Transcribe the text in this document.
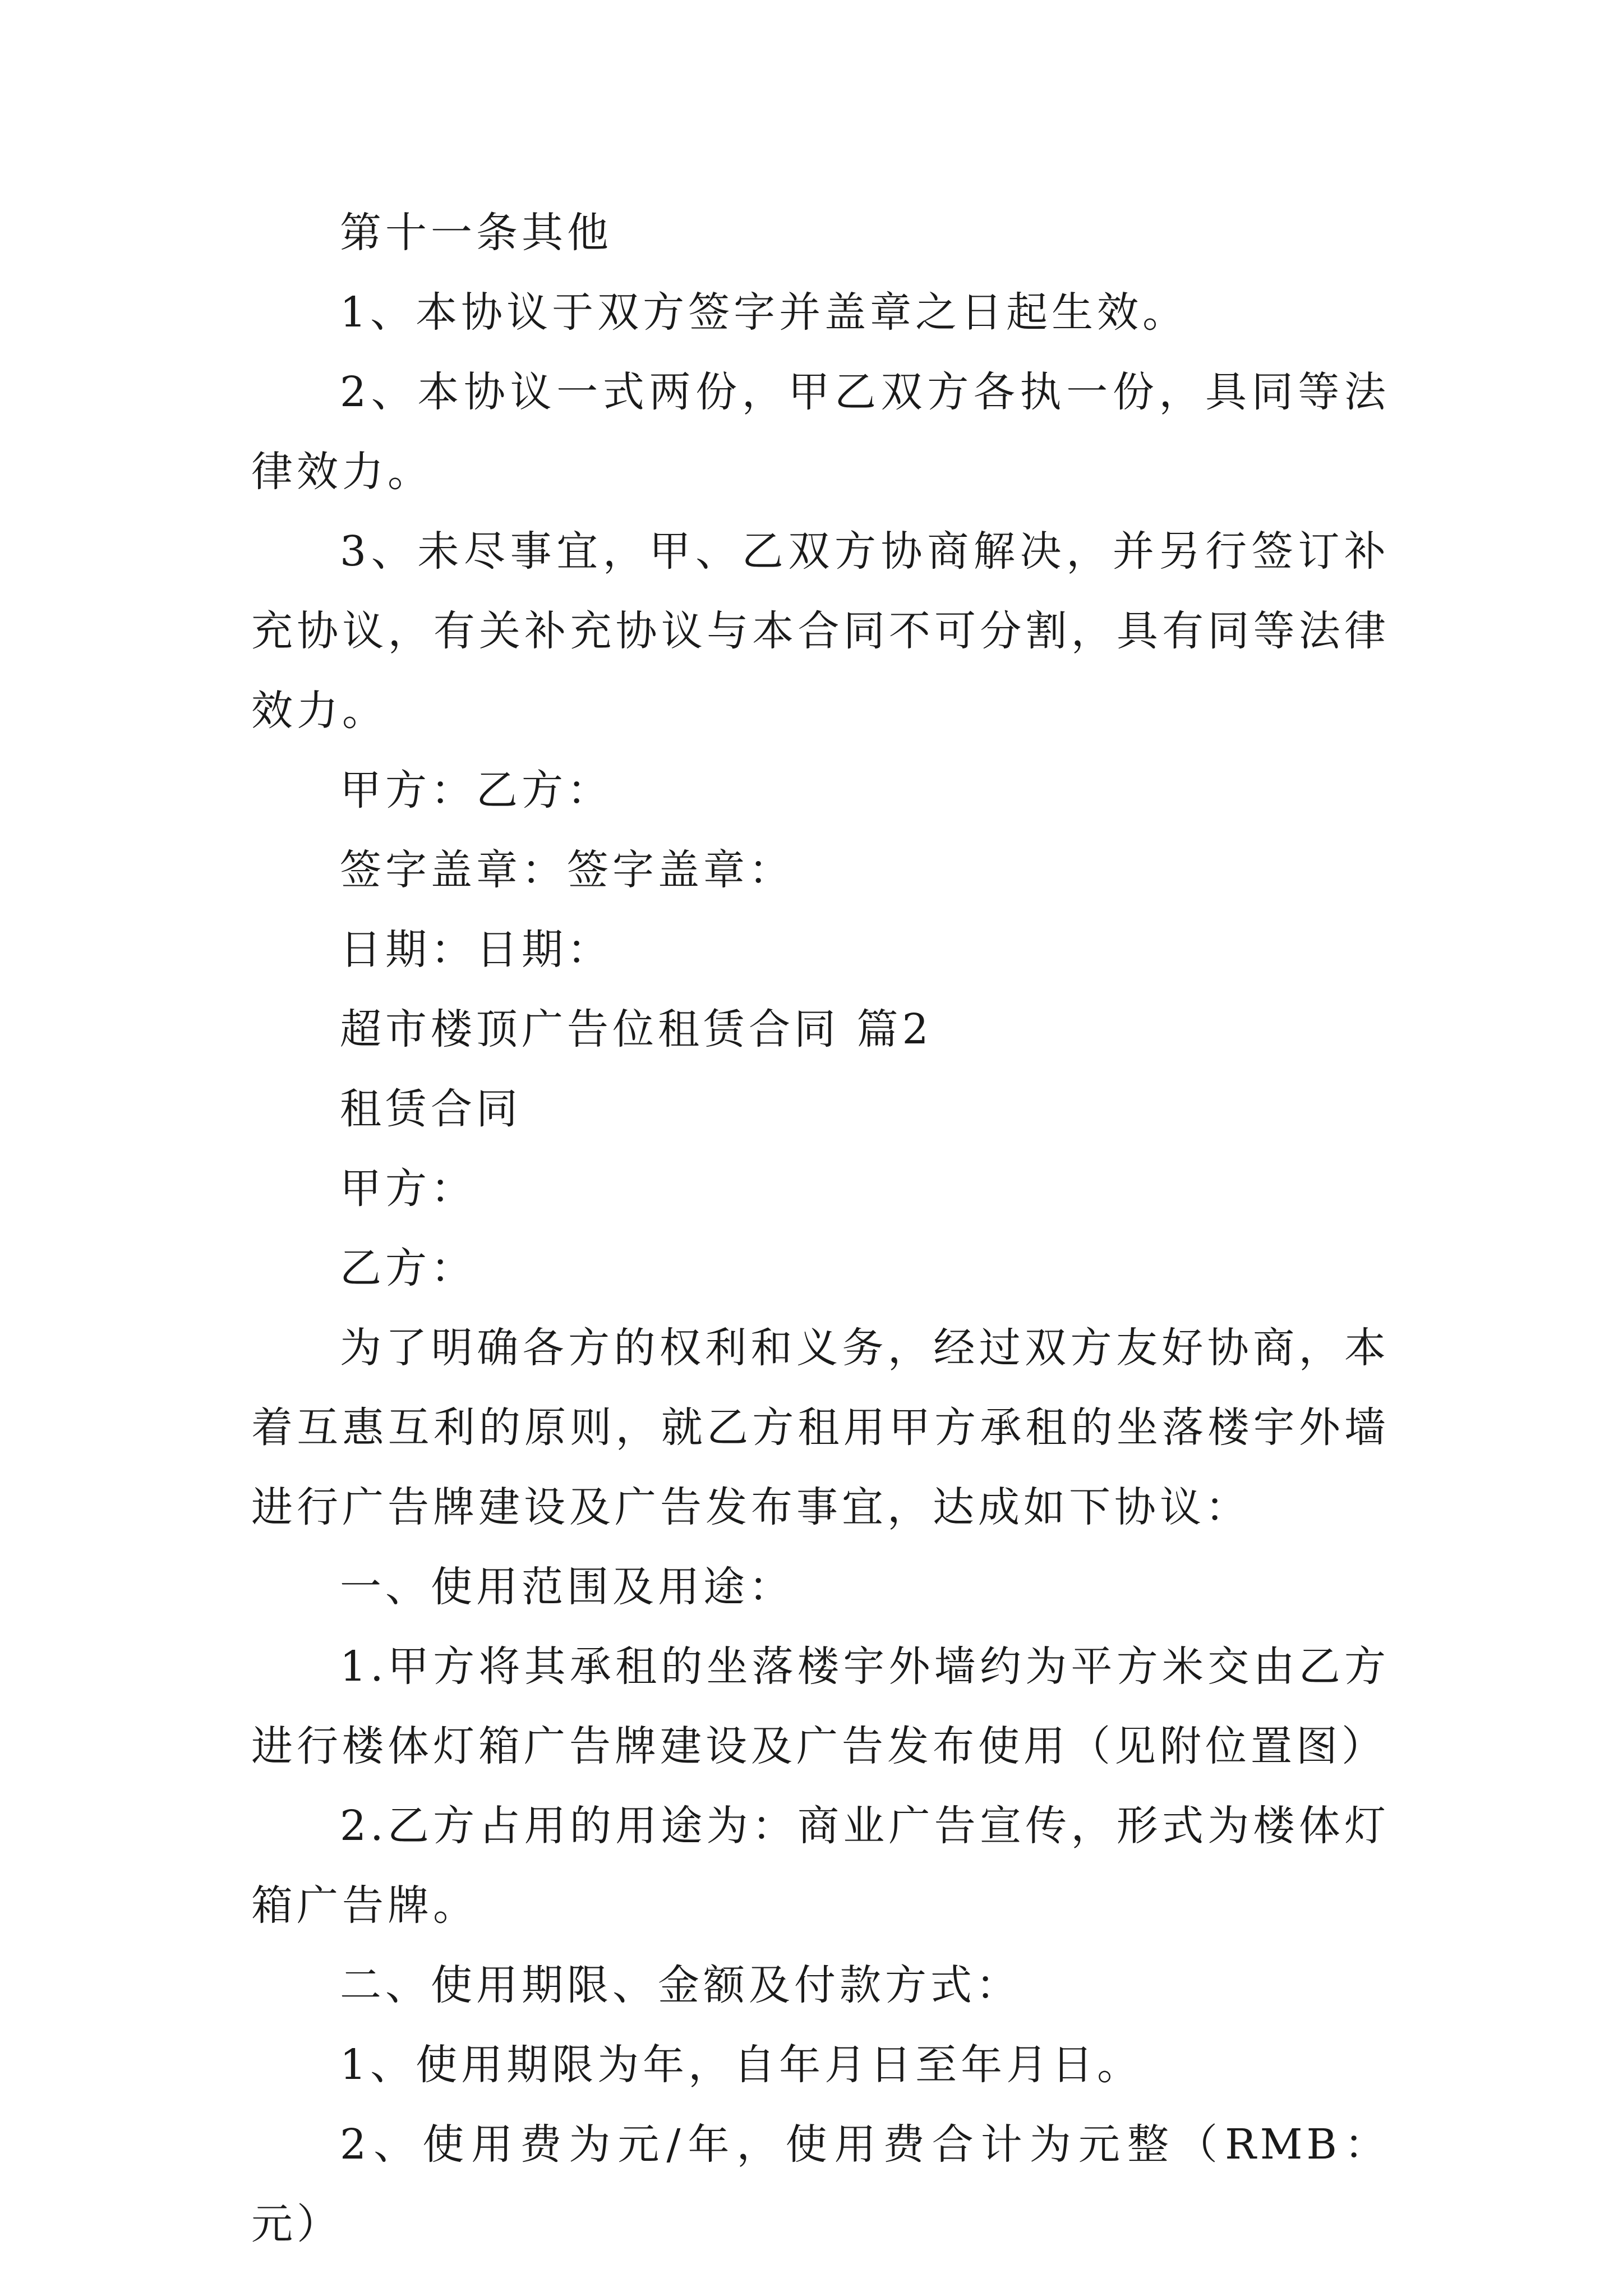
第十一条其他

1、本协议于双方签字并盖章之日起生效。

2、本协议一式两份，甲乙双方各执一份，具同等法律效力。

3、未尽事宜，甲、乙双方协商解决，并另行签订补充协议，有关补充协议与本合同不可分割，具有同等法律效力。

甲方：乙方：

签字盖章：签字盖章：

日期：日期：

超市楼顶广告位租赁合同 篇2

租赁合同

甲方：

乙方：

为了明确各方的权利和义务，经过双方友好协商，本着互惠互利的原则，就乙方租用甲方承租的坐落楼宇外墙进行广告牌建设及广告发布事宜，达成如下协议：

一、使用范围及用途：

1.甲方将其承租的坐落楼宇外墙约为平方米交由乙方进行楼体灯箱广告牌建设及广告发布使用（见附位置图）

2.乙方占用的用途为：商业广告宣传，形式为楼体灯箱广告牌。

二、使用期限、金额及付款方式：

1、使用期限为年，自年月日至年月日。

2、使用费为元/年，使用费合计为元整（RMB：元）
